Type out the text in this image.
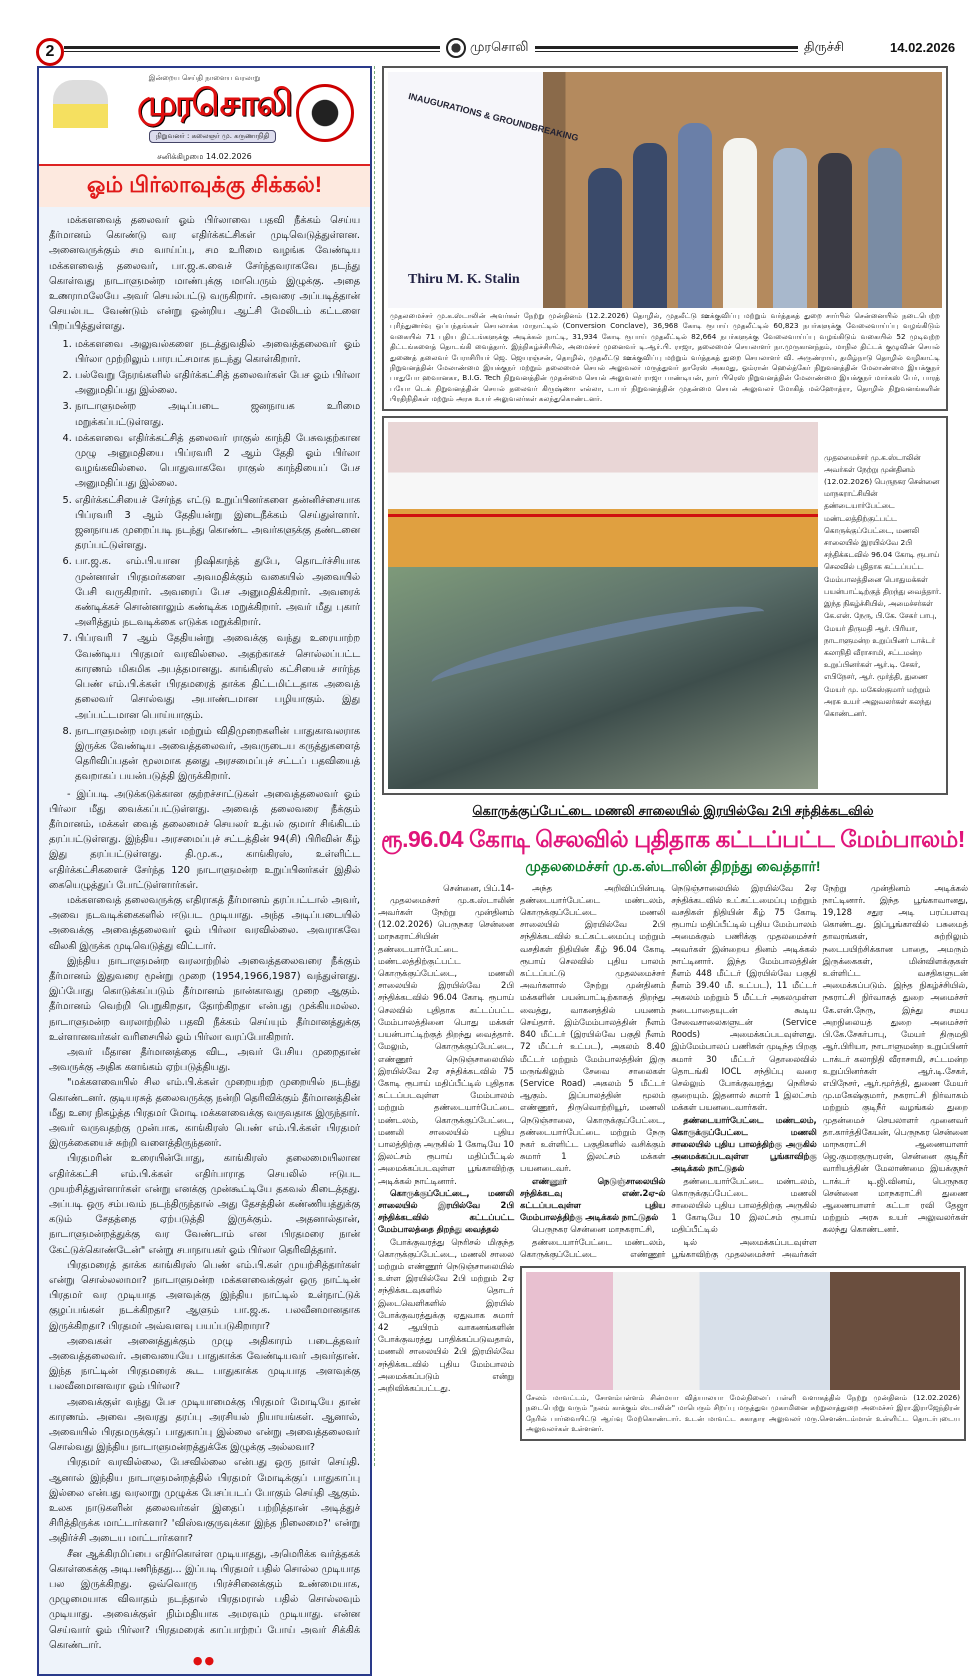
2	முரசொலி	திருச்சி	14.02.2026
இன்றைய செய்தி நாளைய வரலாறு
முரசொலி
நிறுவனர் : கலைஞர் மு. கருணாநிதி
சனிக்கிழமை 14.02.2026
ஓம் பிர்லாவுக்கு சிக்கல்!

மக்களவைத் தலைவர் ஓம் பிர்லாவை பதவி நீக்கம் செய்ய தீர்மானம் கொண்டு வர எதிர்க்கட்சிகள் முடிவெடுத்துள்ளன. அனைவருக்கும் சம வாய்ப்பு, சம உரிமை வழங்க வேண்டிய மக்களவைத் தலைவர், பா.ஜ.க.வைச் சேர்ந்தவராகவே நடந்து கொள்வது நாடாளுமன்ற மாண்புக்கு மாபெரும் இழுக்கு. அதை உணராமலேயே அவர் செயல்பட்டு வருகிறார். அவரை அப்படித்தான் செயல்பட வேண்டும் என்று ஒன்றிய ஆட்சி மேலிடம் கட்டளை பிறப்பித்துள்ளது.

1. மக்களவை அலுவல்களை நடத்துவதில் அவைத்தலைவர் ஓம் பிர்லா முற்றிலும் பாரபட்சமாக நடந்து கொள்கிறார்.
2. பல்வேறு நேரங்களில் எதிர்க்கட்சித் தலைவர்கள் பேச ஓம் பிர்லா அனுமதிப்பது இல்லை.
3. நாடாளுமன்ற அடிப்படை ஜனநாயக உரிமை மறுக்கப்பட்டுள்ளது.
4. மக்களவை எதிர்க்கட்சித் தலைவர் ராகுல் காந்தி பேசுவதற்கான முழு அனுமதியை பிப்ரவரி 2 ஆம் தேதி ஓம் பிர்லா வழங்கவில்லை. பொதுவாகவே ராகுல் காந்தியைப் பேச அனுமதிப்பது இல்லை.
5. எதிர்க்கட்சியைச் சேர்ந்த எட்டு உறுப்பினர்களை தன்னிச்சையாக பிப்ரவரி 3 ஆம் தேதியன்று இடைநீக்கம் செய்துள்ளார். ஜனநாயக முறைப்படி நடந்து கொண்ட அவர்களுக்கு தண்டனை தரப்பட்டுள்ளது.
6. பா.ஜ.க. எம்.பி.யான நிஷிகாந்த் துபே, தொடர்ச்சியாக முன்னாள் பிரதமர்களை அவமதிக்கும் வகையில் அவையில் பேசி வருகிறார். அவரைப் பேச அனுமதிக்கிறார். அவரைக் கண்டிக்கச் சொன்னாலும் கண்டிக்க மறுக்கிறார். அவர் மீது புகார் அளித்தும் நடவடிக்கை எடுக்க மறுக்கிறார்.
7. பிப்ரவரி 7 ஆம் தேதியன்று அவைக்கு வந்து உரையாற்ற வேண்டிய பிரதமர் வரவில்லை. அதற்காகச் சொல்லப்பட்ட காரணம் மிகமிக அபத்தமானது. காங்கிரஸ் கட்சியைச் சார்ந்த பெண் எம்.பி.க்கள் பிரதமரைத் தாக்க திட்டமிட்டதாக அவைத் தலைவர் சொல்வது அபாண்டமான பழியாகும். இது அப்பட்டமான பொய்யாகும்.
8. நாடாளுமன்ற மரபுகள் மற்றும் விதிமுறைகளின் பாதுகாவலராக இருக்க வேண்டிய அவைத்தலைவர், அவருடைய கருத்துகளைத் தெரிவிப்பதன் மூலமாக தனது அரசமைப்புச் சட்டப் பதவியைத் தவறாகப் பயன்படுத்தி இருக்கிறார்.

- இப்படி அடுக்கடுக்கான குற்றச்சாட்டுகள் அவைத்தலைவர் ஓம் பிர்லா மீது வைக்கப்பட்டுள்ளது. அவைத் தலைவரை நீக்கும் தீர்மானம், மக்கள் வைத் தலைமைச் செயலர் உத்பல் குமார் சிங்கிடம் தரப்பட்டுள்ளது. இந்திய அரசமைப்புச் சட்டத்தின் 94(சி) பிரிவின் கீழ் இது தரப்பட்டுள்ளது. தி.மு.க., காங்கிரஸ், உள்ளிட்ட எதிர்க்கட்சிகளைச் சேர்ந்த 120 நாடாளுமன்ற உறுப்பினர்கள் இதில் கையெழுத்துப் போட்டுள்ளார்கள்.

மக்களவைத் தலைவருக்கு எதிராகத் தீர்மானம் தரப்பட்டால் அவர், அவை நடவடிக்கைகளில் ஈடுபட முடியாது. அந்த அடிப்படையில் அவைக்கு அவைத்தலைவர் ஓம் பிர்லா வரவில்லை. அவராகவே விலகி இருக்க முடிவெடுத்து விட்டார்.

இந்திய நாடாளுமன்ற வரலாற்றில் அவைத்தலைவரை நீக்கும் தீர்மானம் இதுவரை மூன்று முறை (1954,1966,1987) வந்துள்ளது. இப்போது கொடுக்கப்படும் தீர்மானம் நான்காவது முறை ஆகும். தீர்மானம் வெற்றி பெறுகிறதா, தோற்கிறதா என்பது முக்கியமல்ல. நாடாளுமன்ற வரலாற்றில் பதவி நீக்கம் செய்யும் தீர்மானத்துக்கு உள்ளானவர்கள் வரிசையில் ஓம் பிர்லா வரப்போகிறார்.

அவர் மீதான தீர்மானத்தை விட, அவர் பேசிய முறைதான் அவருக்கு அதிக களங்கம் ஏற்படுத்தியது.

"மக்களவையில் சில எம்.பி.க்கள் முறையற்ற முறையில் நடந்து கொண்டனர். குடியரசுத் தலைவருக்கு நன்றி தெரிவிக்கும் தீர்மானத்தின் மீது உரை நிகழ்த்த பிரதமர் மோடி மக்களவைக்கு வருவதாக இருந்தார். அவர் வருவதற்கு முன்பாக, காங்கிரஸ் பெண் எம்.பி.க்கள் பிரதமர் இருக்கையைச் சுற்றி வளைத்திருந்தனர்.

பிரதமரின் உரையின்போது, காங்கிரஸ் தலைமையிலான எதிர்க்கட்சி எம்.பி.க்கள் எதிர்பாராத செயலில் ஈடுபட முயற்சித்துள்ளார்கள் என்று எனக்கு முன்கூட்டியே தகவல் கிடைத்தது. அப்படி ஒரு சம்பவம் நடந்திருந்தால் அது தேசத்தின் கண்ணியத்துக்கு கடும் சேதத்தை ஏற்படுத்தி இருக்கும். அதனால்தான், நாடாளுமன்றத்துக்கு வர வேண்டாம் என பிரதமரை நான் கேட்டுக்கொண்டேன்" என்று சபாநாயகர் ஓம் பிர்லா தெரிவித்தார்.

பிரதமரைத் தாக்க காங்கிரஸ் பெண் எம்.பி.கள் முயற்சித்தார்கள் என்று சொல்லலாமா? நாடாளுமன்ற மக்களவைக்குள் ஒரு நாட்டின் பிரதமர் வர முடியாத அளவுக்கு இந்திய நாட்டில் உள்நாட்டுக் குழப்பங்கள் நடக்கிறதா? ஆளும் பா.ஜ.க. பலவீனமானதாக இருக்கிறதா? பிரதமர் அவ்வளவு பயப்படுகிறாரா?

அவைகள் அனைத்துக்கும் முழு அதிகாரம் படைத்தவர் அவைத்தலைவர். அவையையே பாதுகாக்க வேண்டியவர் அவர்தான். இந்த நாட்டின் பிரதமரைக் கூட பாதுகாக்க முடியாத அளவுக்கு பலவீனமானவரா ஓம் பிர்லா?

அவைக்குள் வந்து பேச முடியாமைக்கு பிரதமர் மோடியே தான் காரணம். அவை அவரது தரப்பு அரசியல் நியாயங்கள். ஆனால், அவையில் பிரதமருக்குப் பாதுகாப்பு இல்லை என்று அவைத்தலைவர் சொல்வது இந்திய நாடாளுமன்றத்துக்கே இழுக்கு அல்லவா?

பிரதமர் வரவில்லை, பேசவில்லை என்பது ஒரு நாள் செய்தி. ஆனால் இந்திய நாடாளுமன்றத்தில் பிரதமர் மோடிக்குப் பாதுகாப்பு இல்லை என்பது வரலாறு முழுக்க பேசப்படப் போகும் செய்தி ஆகும். உலக நாடுகளின் தலைவர்கள் இதைப் பற்றித்தான் அடித்துச் சிரித்திருக்க மாட்டார்களா? 'விஸ்வகுருவுக்கா இந்த நிலைமை?' என்று அதிர்ச்சி அடைய மாட்டார்களா?

சீன ஆக்கிரமிப்பை எதிர்கொள்ள முடியாதது, அமெரிக்க வர்த்தகக் கொள்கைக்கு அடிபணிந்தது... இப்படி பிரதமர் பதில் சொல்ல முடியாத பல இருக்கிறது. ஒவ்வொரு பிரச்சினைக்கும் உண்மையாக, முழுமையாக விவாதம் நடந்தால் பிரதமரால் பதில் சொல்லவும் முடியாது. அவைக்குள் நிம்மதியாக அமரவும் முடியாது. என்ன செய்வார் ஓம் பிர்லா? பிரதமரைக் காப்பாற்றப் போய் அவர் சிக்கிக் கொண்டார்.

●●
INAUGURATIONS & GROUNDBREAKING
Thiru M. K. Stalin
முதலமைச்சர் மு.க.ஸ்டாலின் அவர்கள் நேற்று முன்தினம் (12.2.2026) தொழில், முதலீட்டு ஊக்குவிப்பு மற்றும் வர்த்தகத் துறை சார்பில் சென்னையில் நடைபெற்ற புரிந்துணர்வு ஒப்பந்தங்கள் செயலாக்க மாநாட்டில் (Conversion Conclave), 36,968 கோடி ரூபாய் முதலீட்டில் 60,823 நபர்களுக்கு வேலைவாய்ப்பு வழங்கிடும் வகையில் 71 புதிய திட்டங்களுக்கு அடிக்கல் நாட்டி, 31,934 கோடி ரூபாய் முதலீட்டில் 82,664 நபர்களுக்கு வேலைவாய்ப்பு வழங்கிடும் வகையில் 52 முடிவுற்ற திட்டங்களைத் தொடங்கி வைத்தார். இந்நிகழ்ச்சியில், அமைச்சர் முனைவர் டி.ஆர்.பி. ராஜா, தலைமைச் செயலாளர் நா.முருகானந்தம், மாநில திட்டக் குழுவின் செயல் துணைத் தலைவர் பேராசிரியர் ஜெ. ஜெயரஞ்சன், தொழில், முதலீட்டு ஊக்குவிப்பு மற்றும் வர்த்தகத் துறை செயலாளர் வி. அருண்ராய், தமிழ்நாடு தொழில் வழிகாட்டி நிறுவனத்தின் மேலாண்மை இயக்குநர் மற்றும் தலைமைச் செயல் அலுவலர் மருத்துவர் தாரேஸ் அகமது, ஓம்ரான் ஹெல்த்கேர் நிறுவனத்தின் மேலாண்மை இயக்குநர் பாதுபோ ஹவானகா, B.I.G. Tech நிறுவனத்தின் முதன்மை செயல் அலுவலர் ராஜா பாண்டியன், நார் பிரெஸ் நிறுவனத்தின் மேலாண்மை இயக்குநர் மார்கஸ் பேர், பாரத் பயோ டெக் நிறுவனத்தின் செயல் தலைவர் கிருஷ்ணா எல்லா, டாபர் நிறுவனத்தின் முதன்மை செயல் அலுவலர் மோகித் மல்ஹோத்ரா, தொழில் நிறுவனங்களின் பிரதிநிதிகள் மற்றும் அரசு உயர் அலுவலர்கள் கலந்துகொண்டனர்.
முதலமைச்சர் மு.க.ஸ்டாலின் அவர்கள் நேற்று முன்தினம் (12.02.2026) பெருநகர சென்னை மாநகராட்சியின் தண்டையார்பேட்டை மண்டலத்திற்குட்பட்ட கொருக்குப்பேட்டை, மணலி சாலையில் இரயில்வே 2பி சந்திக்கடவில் 96.04 கோடி ரூபாய் செலவில் புதிதாக கட்டப்பட்ட மேம்பாலத்தினை பொதுமக்கள் பயன்பாட்டிற்குத் திறந்து வைத்தார். இந்த நிகழ்ச்சியில், அமைச்சர்கள் கே.என். நேரு, பி.கே. சேகர் பாபு, மேயர் திருமதி ஆர். பிரியா, நாடாளுமன்ற உறுப்பினர் டாக்டர் கலாநிதி வீராசாமி, சட்டமன்ற உறுப்பினர்கள் ஆர்.டி. சேகர், எபிநேசர், ஆர். மூர்த்தி, துணை மேயர் மு. மகேஸ்குமார் மற்றும் அரசு உயர் அலுவலர்கள் கலந்து கொண்டனர்.
கொருக்குப்பேட்டை மணலி சாலையில் இரயில்வே 2பி சந்திக்கடவில்
ரூ.96.04 கோடி செலவில் புதிதாக கட்டப்பட்ட மேம்பாலம்!
முதலமைச்சர் மு.க.ஸ்டாலின் திறந்து வைத்தார்!

சென்னை, பிப்.14-

முதலமைச்சர் மு.க.ஸ்டாலின் அவர்கள் நேற்று முன்தினம் (12.02.2026) பெருநகர சென்னை மாநகராட்சியின் தண்டையார்பேட்டை மண்டலத்திற்குட்பட்ட கொருக்குப்பேட்டை, மணலி சாலையில் இரயில்வே 2பி சந்திக்கடவில் 96.04 கோடி ரூபாய் செலவில் புதிதாக கட்டப்பட்ட மேம்பாலத்தினை பொது மக்கள் பயன்பாட்டிற்குத் திறந்து வைத்தார். மேலும், கொருக்குப்பேட்டை, எண்ணூர் நெடுஞ்சாலையில் இரயில்வே 2ஏ சந்திக்கடவில் 75 கோடி ரூபாய் மதிப்பீட்டில் புதிதாக கட்டப்படவுள்ள மேம்பாலம் மற்றும் தண்டையார்பேட்டை மண்டலம், கொருக்குப்பேட்டை, மணலி சாலையில் புதிய பாலத்திற்கு அருகில் 1 கோடியே 10 இலட்சம் ரூபாய் மதிப்பீட்டில் அமைக்கப்படவுள்ள பூங்காவிற்கு அடிக்கல் நாட்டினார்.

கொருக்குப்பேட்டை, மணலி சாலையில் இரயில்வே 2பி சந்திக்கடவில் கட்டப்பட்ட மேம்பாலத்தை திறந்து வைத்தல்

போக்குவரத்து நெரிசல் மிகுந்த கொருக்குப்பேட்டை, மணலி சாலை மற்றும் எண்ணூர் நெடுஞ்சாலையில் உள்ள இரயில்வே 2பி மற்றும் 2ஏ சந்திக்கடவுகளில் தொடர் இடைவெளிகளில் இரயில் போக்குவரத்துக்கு ஏதுவாக சுமார் 42 ஆயிரம் வாகனங்களின் போக்குவரத்து பாதிக்கப்படுவதால், மணலி சாலையில் 2பி இரயில்வே சந்திக்கடவில் புதிய மேம்பாலம் அமைக்கப்படும் என்று அறிவிக்கப்பட்டது.

அந்த அறிவிப்பின்படி தண்டையார்பேட்டை மண்டலம், கொருக்குப்பேட்டை மணலி சாலையில் இரயில்வே 2பி சந்திக்கடவில் உட்கட்டமைப்பு மற்றும் வசதிகள் நிதியின் கீழ் 96.04 கோடி ரூபாய் செலவில் புதிய பாலம் கட்டப்பட்டு முதலமைச்சர் அவர்களால் நேற்று முன்தினம் மக்களின் பயன்பாட்டிற்காகத் திறந்து வைத்து, வாகனத்தில் பயணம் செய்தார். இம்மேம்பாலத்தின் நீளம் 840 மீட்டர் (இரயில்வே பகுதி நீளம் 72 மீட்டர் உட்பட), அகலம் 8.40 மீட்டர் மற்றும் மேம்பாலத்தின் இரு மருங்கிலும் சேவை சாலைகள் (Service Road) அகலம் 5 மீட்டர் ஆகும். இப்பாலத்தின் மூலம் எண்ணூர், திருவொற்றியூர், மணலி நெடுஞ்சாலை, கொருக்குப்பேட்டை, தண்டையார்பேட்டை மற்றும் நேரு நகர் உள்ளிட்ட பகுதிகளில் வசிக்கும் சுமார் 1 இலட்சம் மக்கள் பயனடைவர்.

எண்ணூர் நெடுஞ்சாலையில் சந்திக்கடவு எண்.2ஏ-ல் கட்டப்படவுள்ள புதிய மேம்பாலத்திற்கு அடிக்கல் நாட்டுதல்

பெருநகர சென்னை மாநகராட்சி,

தண்டையார்பேட்டை மண்டலம், கொருக்குப்பேட்டை எண்ணூர் நெடுஞ்சாலையில் இரயில்வே 2ஏ சந்திக்கடவில் உட்கட்டமைப்பு மற்றும் வசதிகள் நிதியின் கீழ் 75 கோடி ரூபாய் மதிப்பீட்டில் புதிய மேம்பாலம் அமைக்கும் பணிக்கு முதலமைச்சர் அவர்கள் இன்றைய தினம் அடிக்கல் நாட்டினார். இந்த மேம்பாலத்தின் நீளம் 448 மீட்டர் (இரயில்வே பகுதி நீளம் 39.40 மீ. உட்பட), 11 மீட்டர் அகலம் மற்றும் 5 மீட்டர் அகலமுள்ள நடைபாதையுடன் கூடிய சேவைசாலைகளுடன் (Service Roods) அமைக்கப்படவுள்ளது. இம்மேம்பாலப் பணிகள் முடிந்த பிறகு சுமார் 30 மீட்டர் தொலைவில் தொடங்கி IOCL சந்திப்பு வரை செல்லும் போக்குவரத்து நெரிசல் குறையும். இதனால் சுமார் 1 இலட்சம் மக்கள் பயனடைவார்கள்.

தண்டையார்பேட்டை மண்டலம், கொருக்குப்பேட்டை மணலி சாலையில் புதிய பாலத்திற்கு அருகில் அமைக்கப்படவுள்ள பூங்காவிற்கு அடிக்கல் நாட்டுதல்

தண்டையார்பேட்டை மண்டலம், கொருக்குப்பேட்டை மணலி சாலையில் புதிய பாலத்திற்கு அருகில் 1 கோடியே 10 இலட்சம் ரூபாய் மதிப்பீட்டில்

டில் அமைக்கப்படவுள்ள பூங்காவிற்கு முதலமைச்சர் அவர்கள் நேற்று முன்தினம் அடிக்கல் நாட்டினார். இந்த பூங்காவானது, 19,128 சதுர அடி பரப்பளவு கொண்டது. இப்பூங்காவில் பசுமைத் தாவரங்கள், சுற்றிலும் நடைபயிற்சிக்கான பாதை, அமரும் இருக்கைகள், மின்விளக்குகள் உள்ளிட்ட வசதிகளுடன் அமைக்கப்படும். இந்த நிகழ்ச்சியில், நகராட்சி நிர்வாகத் துறை அமைச்சர் கே.என்.நேரு, இந்து சமய அறநிலையத் துறை அமைச்சர் பி.கே.சேகர்பாபு, மேயர் திருமதி ஆர்.பிரியா, நாடாளுமன்ற உறுப்பினர் டாக்டர் கலாநிதி வீராசாமி, சட்டமன்ற உறுப்பினர்கள் ஆர்.டி.சேகர், எபிநேசர், ஆர்.மூர்த்தி, துணை மேயர் மு.மகேஷ்குமார், நகராட்சி நிர்வாகம் மற்றும் குடிநீர் வழங்கல் துறை முதன்மைச் செயலாளர் முனைவர் தா.கார்த்திகேயன், பெருநகர சென்னை மாநகராட்சி ஆணையாளர் ஜெ.குமரகுருபரன், சென்னை குடிநீர் வாரியத்தின் மேலாண்மை இயக்குநர் டாக்டர் டி.ஜி.வினய், பெருநகர சென்னை மாநகராட்சி துணை ஆணையாளர் கட்டா ரவி தேஜா மற்றும் அரசு உயர் அலுவலர்கள் கலந்து கொண்டனர்.

சேலம் மாவட்டம், சோளம்பள்ளம் சின்மயா வித்யாலயா மேல்நிலைப் பள்ளி வளாகத்தில் நேற்று முன்தினம் (12.02.2026) நடைபெற்று வரும் "நலம் காக்கும் ஸ்டாலின்" மாபெரும் சிறப்பு மருத்துவ முகாமினை சுற்றுலாத்துறை அமைச்சர் இரா.இராஜேந்திரன் நேரில் பார்வையிட்டு ஆய்வு மேற்கொண்டார். உடன் மாவட்ட சுகாதார அலுவலர் மரு.சௌண்டம்மாள் உள்ளிட்ட தொடர்புடைய அலுவலர்கள் உள்ளனர்.
